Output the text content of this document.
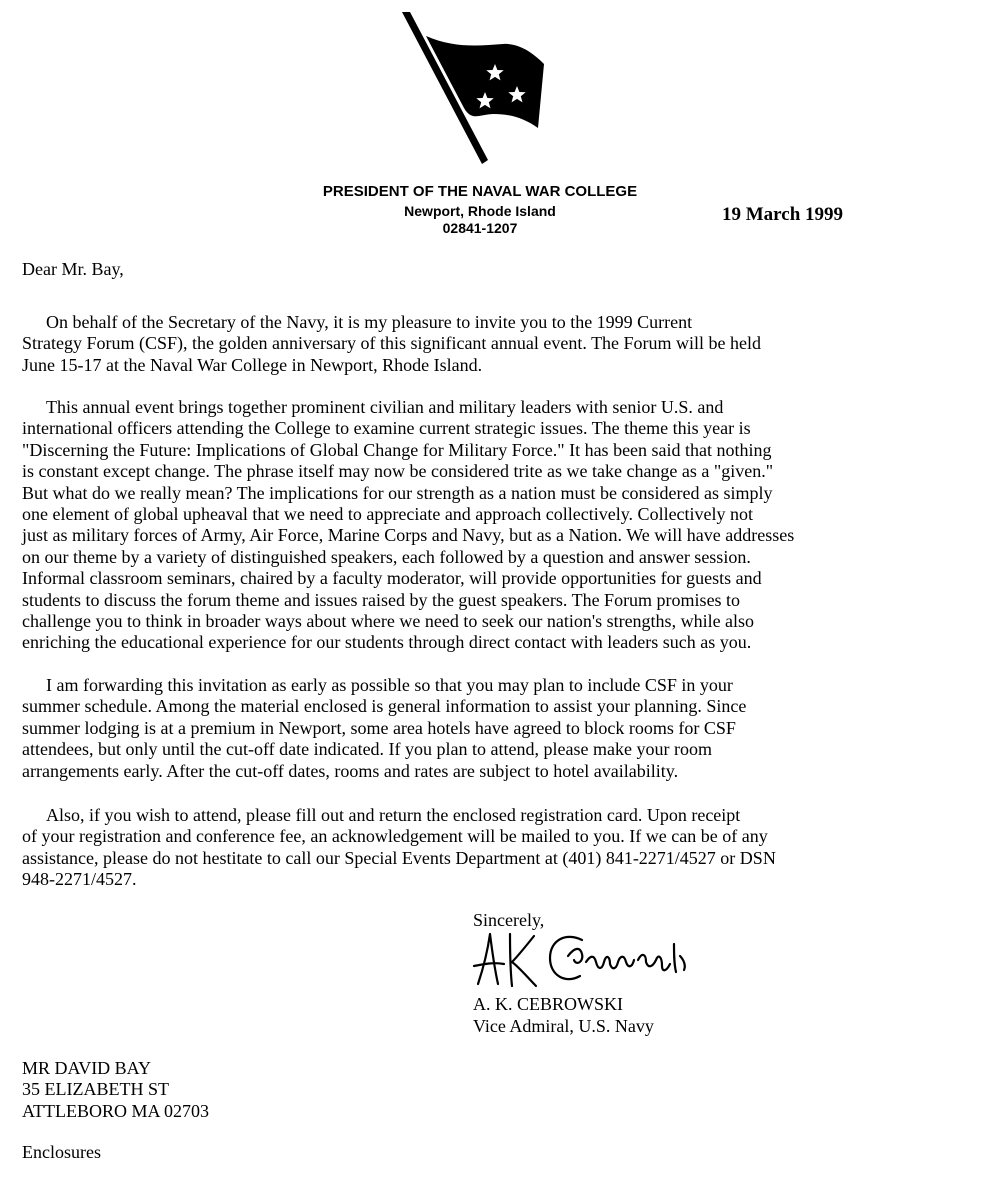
PRESIDENT OF THE NAVAL WAR COLLEGE
Newport, Rhode Island
02841-1207
19 March 1999
Dear Mr. Bay,
On behalf of the Secretary of the Navy, it is my pleasure to invite you to the 1999 Current
Strategy Forum (CSF), the golden anniversary of this significant annual event. The Forum will be held
June 15-17 at the Naval War College in Newport, Rhode Island.
This annual event brings together prominent civilian and military leaders with senior U.S. and
international officers attending the College to examine current strategic issues. The theme this year is
"Discerning the Future: Implications of Global Change for Military Force." It has been said that nothing
is constant except change. The phrase itself may now be considered trite as we take change as a "given."
But what do we really mean? The implications for our strength as a nation must be considered as simply
one element of global upheaval that we need to appreciate and approach collectively. Collectively not
just as military forces of Army, Air Force, Marine Corps and Navy, but as a Nation. We will have addresses
on our theme by a variety of distinguished speakers, each followed by a question and answer session.
Informal classroom seminars, chaired by a faculty moderator, will provide opportunities for guests and
students to discuss the forum theme and issues raised by the guest speakers. The Forum promises to
challenge you to think in broader ways about where we need to seek our nation's strengths, while also
enriching the educational experience for our students through direct contact with leaders such as you.
I am forwarding this invitation as early as possible so that you may plan to include CSF in your
summer schedule. Among the material enclosed is general information to assist your planning. Since
summer lodging is at a premium in Newport, some area hotels have agreed to block rooms for CSF
attendees, but only until the cut-off date indicated. If you plan to attend, please make your room
arrangements early. After the cut-off dates, rooms and rates are subject to hotel availability.
Also, if you wish to attend, please fill out and return the enclosed registration card. Upon receipt
of your registration and conference fee, an acknowledgement will be mailed to you. If we can be of any
assistance, please do not hestitate to call our Special Events Department at (401) 841-2271/4527 or DSN
948-2271/4527.
Sincerely,
A. K. CEBROWSKI
Vice Admiral, U.S. Navy
MR DAVID BAY
35 ELIZABETH ST
ATTLEBORO MA 02703
Enclosures
